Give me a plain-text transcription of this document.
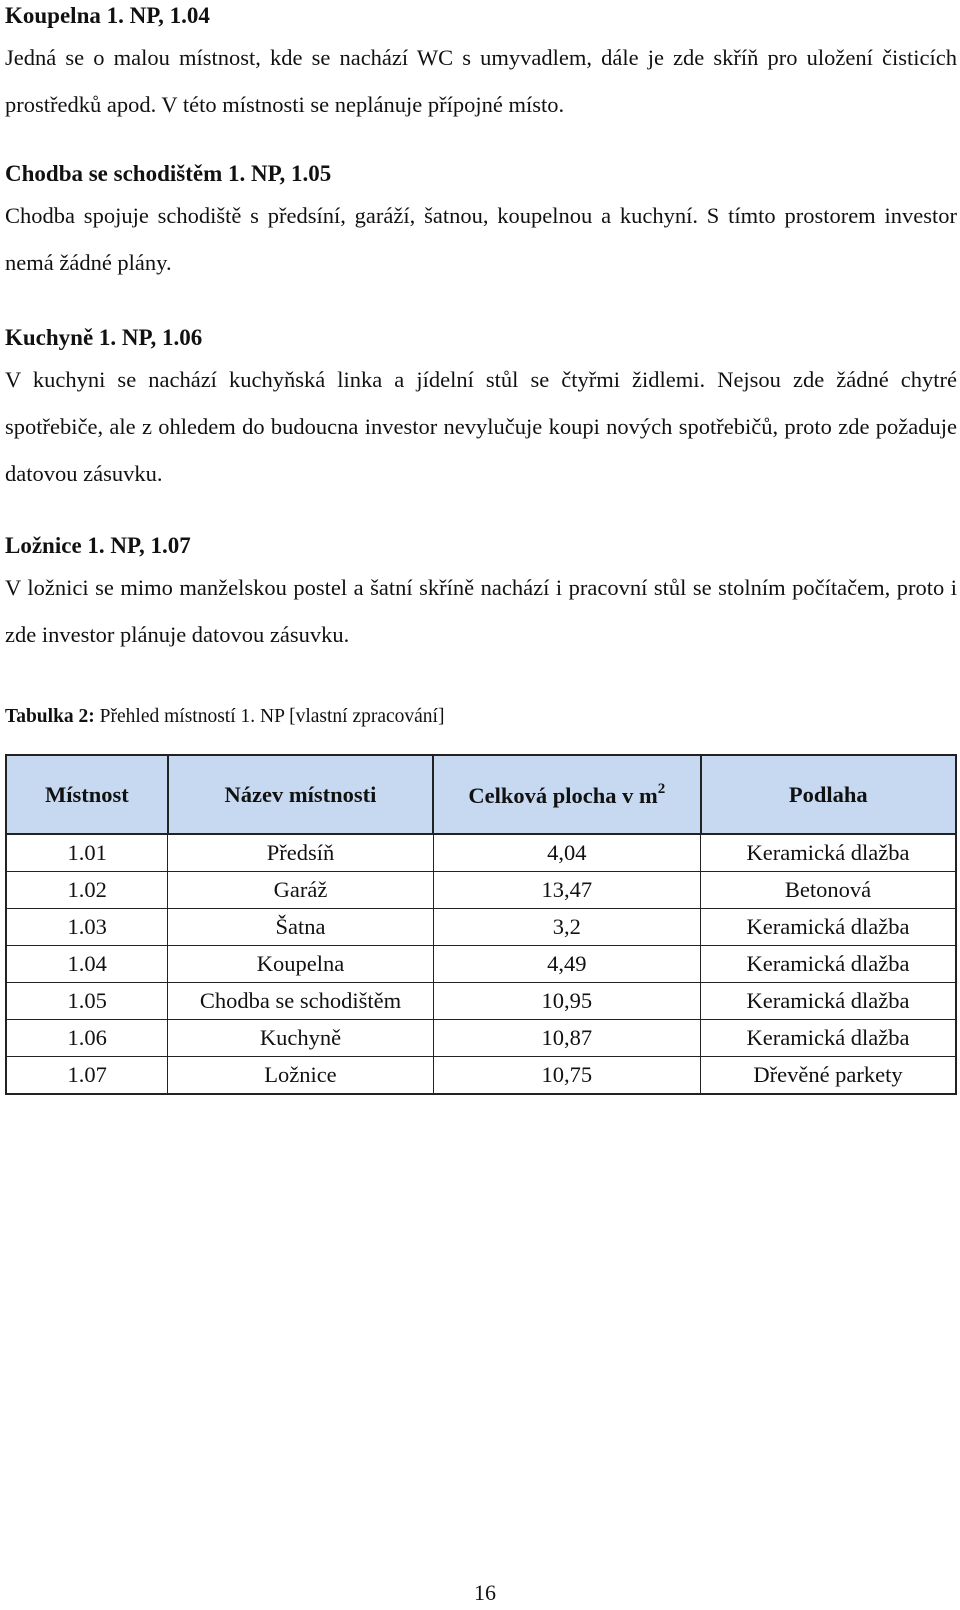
Koupelna 1. NP, 1.04

Jedná se o malou místnost, kde se nachází WC s umyvadlem, dále je zde skříň pro uložení čisticích prostředků apod. V této místnosti se neplánuje přípojné místo.

Chodba se schodištěm 1. NP, 1.05

Chodba spojuje schodiště s předsíní, garáží, šatnou, koupelnou a kuchyní. S tímto prostorem investor nemá žádné plány.

Kuchyně 1. NP, 1.06

V kuchyni se nachází kuchyňská linka a jídelní stůl se čtyřmi židlemi. Nejsou zde žádné chytré spotřebiče, ale z ohledem do budoucna investor nevylučuje koupi nových spotřebičů, proto zde požaduje datovou zásuvku.

Ložnice 1. NP, 1.07

V ložnici se mimo manželskou postel a šatní skříně nachází i pracovní stůl se stolním počítačem, proto i zde investor plánuje datovou zásuvku.

Tabulka 2: Přehled místností 1. NP [vlastní zpracování]

Místnost	Název místnosti	Celková plocha v $m^2$	Podlaha
1.01	Předsíň	4,04	Keramická dlažba
1.02	Garáž	13,47	Betonová
1.03	Šatna	3,2	Keramická dlažba
1.04	Koupelna	4,49	Keramická dlažba
1.05	Chodba se schodištěm	10,95	Keramická dlažba
1.06	Kuchyně	10,87	Keramická dlažba
1.07	Ložnice	10,75	Dřevěné parkety
16
